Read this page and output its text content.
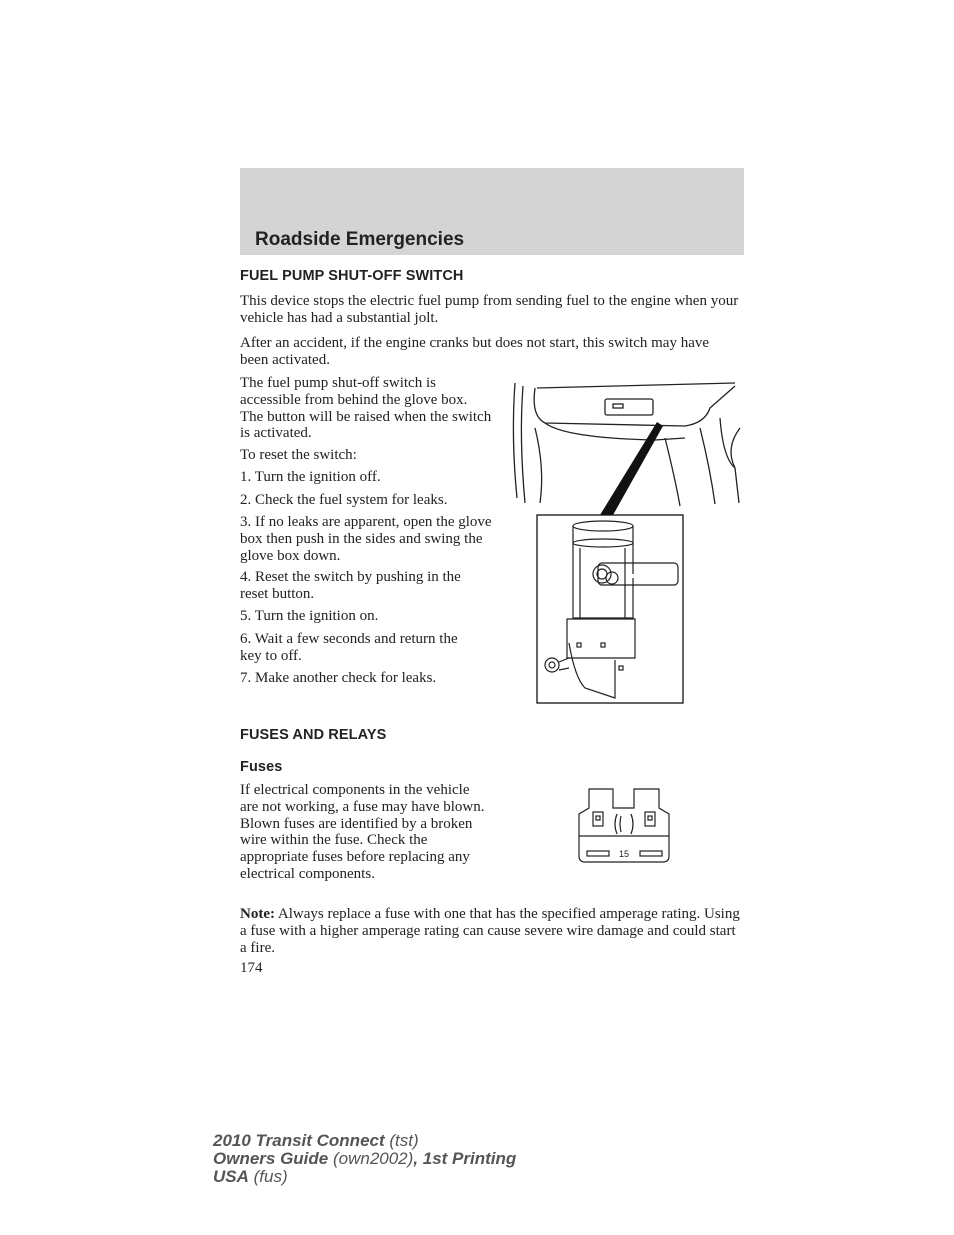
Roadside Emergencies
FUEL PUMP SHUT-OFF SWITCH

This device stops the electric fuel pump from sending fuel to the engine when your vehicle has had a substantial jolt.

After an accident, if the engine cranks but does not start, this switch may have been activated.

The fuel pump shut-off switch is accessible from behind the glove box. The button will be raised when the switch is activated.

To reset the switch:

1. Turn the ignition off.

2. Check the fuel system for leaks.

3. If no leaks are apparent, open the glove box then push in the sides and swing the glove box down.

4. Reset the switch by pushing in the reset button.

5. Turn the ignition on.

6. Wait a few seconds and return the key to off.

7. Make another check for leaks.

FUSES AND RELAYS
Fuses

If electrical components in the vehicle are not working, a fuse may have blown. Blown fuses are identified by a broken wire within the fuse. Check the appropriate fuses before replacing any electrical components.

15

Note: Always replace a fuse with one that has the specified amperage rating. Using a fuse with a higher amperage rating can cause severe wire damage and could start a fire.

174
2010 Transit Connect (tst)
Owners Guide (own2002), 1st Printing
USA (fus)
